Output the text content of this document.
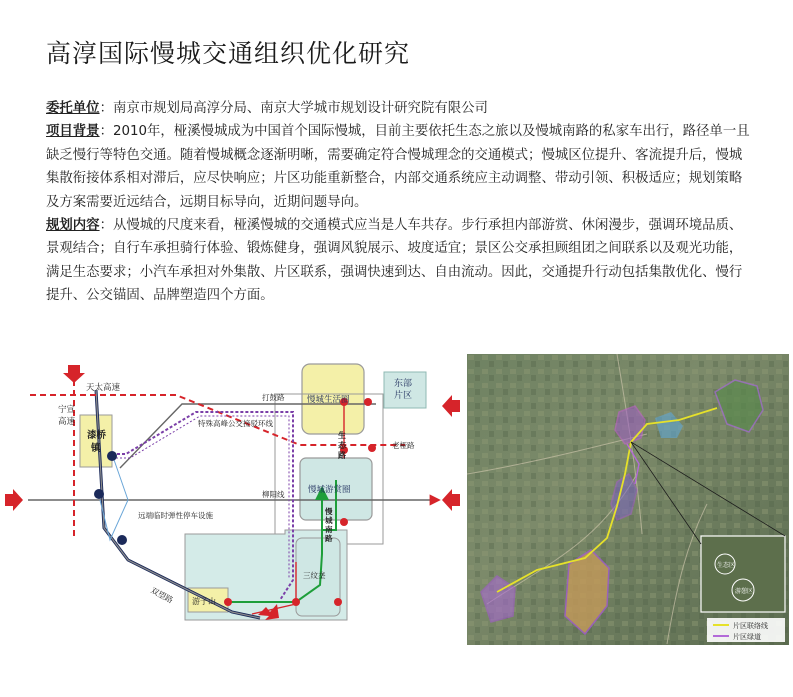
高淳国际慢城交通组织优化研究

委托单位：南京市规划局高淳分局、南京大学城市规划设计研究院有限公司

项目背景：2010年，桠溪慢城成为中国首个国际慢城，目前主要依托生态之旅以及慢城南路的私家车出行，路径单一且缺乏慢行等特色交通。随着慢城概念逐渐明晰，需要确定符合慢城理念的交通模式；慢城区位提升、客流提升后，慢城集散衔接体系相对滞后，应尽快响应；片区功能重新整合，内部交通系统应主动调整、带动引领、积极适应；规划策略及方案需要近远结合，远期目标导向，近期问题导向。

规划内容：从慢城的尺度来看，桠溪慢城的交通模式应当是人车共存。步行承担内部游赏、休闲漫步，强调环境品质、景观结合；自行车承担骑行体验、锻炼健身，强调风貌展示、坡度适宜；景区公交承担顾组团之间联系以及观光功能，满足生态要求；小汽车承担对外集散、片区联系，强调快速到达、自由流动。因此，交通提升行动包括集散优化、慢行提升、公交锚固、品牌塑造四个方面。

天太高速
宁宣
高速
打鼓路
特殊高峰公交接驳环线
生
态
路
老桠路
漆桥
镇
柳阳线
远端临时弹性停车设施
双望路
慢
城
南
路
三纹垄
游子山
东部
片区
慢城生活圈
慢城游赏圈
生态区
游憩区
片区联络线
片区绿道
